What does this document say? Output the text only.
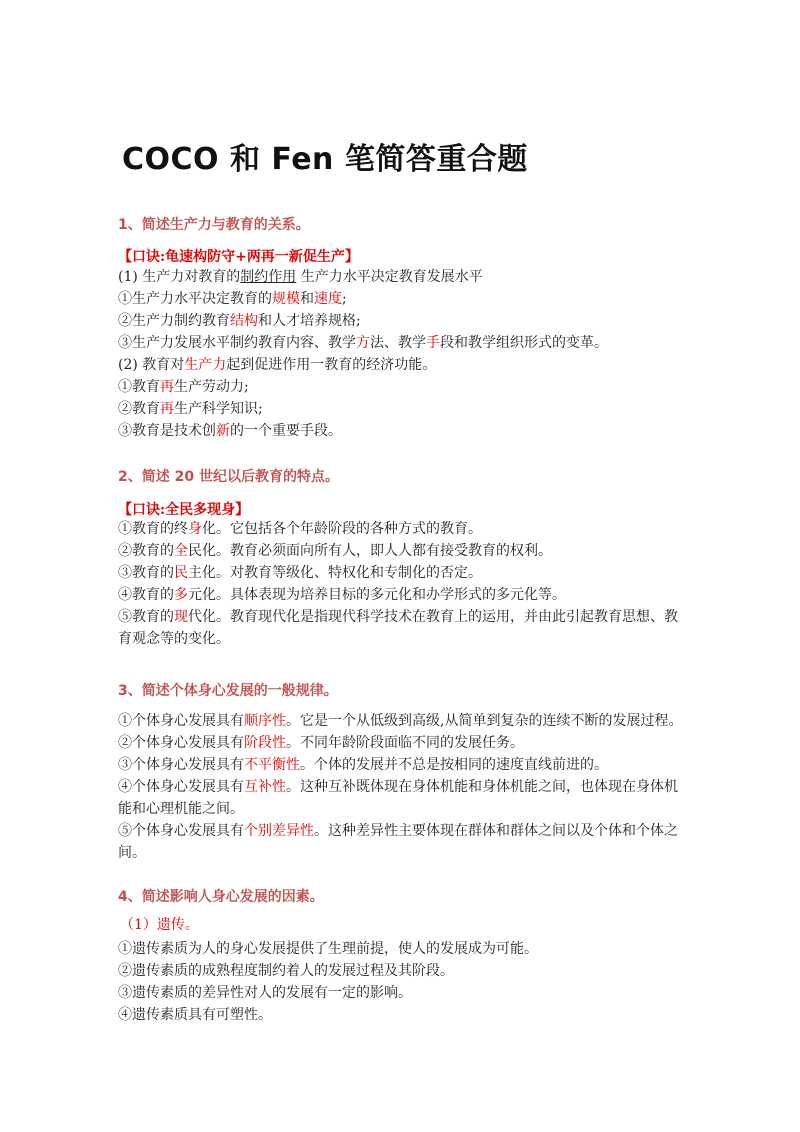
COCO 和 Fen 笔简答重合题
1、简述生产力与教育的关系。
【口诀:龟速构防守+两再一新促生产】
(1) 生产力对教育的制约作用 生产力水平决定教育发展水平
①生产力水平决定教育的规模和速度;
②生产力制约教育结构和人才培养规格;
③生产力发展水平制约教育内容、教学方法、教学手段和教学组织形式的变革。
(2) 教育对生产力起到促进作用一教育的经济功能。
①教育再生产劳动力;
②教育再生产科学知识;
③教育是技术创新的一个重要手段。
2、简述 20 世纪以后教育的特点。
【口诀:全民多现身】
①教育的终身化。它包括各个年龄阶段的各种方式的教育。
②教育的全民化。教育必须面向所有人，即人人都有接受教育的权利。
③教育的民主化。对教育等级化、特权化和专制化的否定。
④教育的多元化。具体表现为培养目标的多元化和办学形式的多元化等。
⑤教育的现代化。教育现代化是指现代科学技术在教育上的运用，并由此引起教育思想、教育观念等的变化。
3、简述个体身心发展的一般规律。
①个体身心发展具有顺序性。它是一个从低级到高级,从简单到复杂的连续不断的发展过程。
②个体身心发展具有阶段性。不同年龄阶段面临不同的发展任务。
③个体身心发展具有不平衡性。个体的发展并不总是按相同的速度直线前进的。
④个体身心发展具有互补性。这种互补既体现在身体机能和身体机能之间，也体现在身体机能和心理机能之间。
⑤个体身心发展具有个别差异性。这种差异性主要体现在群体和群体之间以及个体和个体之间。
4、简述影响人身心发展的因素。
（1）遗传。
①遗传素质为人的身心发展提供了生理前提，使人的发展成为可能。
②遗传素质的成熟程度制约着人的发展过程及其阶段。
③遗传素质的差异性对人的发展有一定的影响。
④遗传素质具有可塑性。
